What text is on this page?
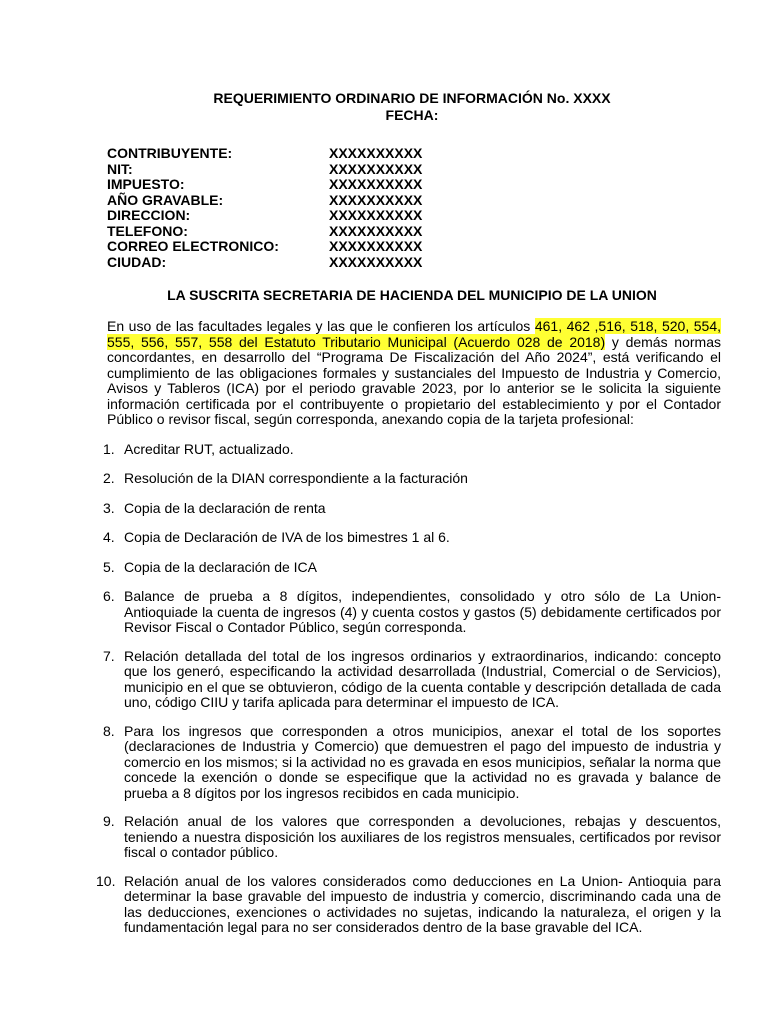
REQUERIMIENTO ORDINARIO DE INFORMACIÓN No. XXXX
FECHA:
CONTRIBUYENTE:	XXXXXXXXXX
NIT:	XXXXXXXXXX
IMPUESTO:	XXXXXXXXXX
AÑO GRAVABLE:	XXXXXXXXXX
DIRECCION:	XXXXXXXXXX
TELEFONO:	XXXXXXXXXX
CORREO ELECTRONICO:	XXXXXXXXXX
CIUDAD:	XXXXXXXXXX
LA SUSCRITA SECRETARIA DE HACIENDA DEL MUNICIPIO DE LA UNION

En uso de las facultades legales y las que le confieren los artículos 461, 462 ,516, 518, 520, 554, 555, 556, 557, 558 del Estatuto Tributario Municipal (Acuerdo 028 de 2018) y demás normas concordantes, en desarrollo del “Programa De Fiscalización del Año 2024”, está verificando el cumplimiento de las obligaciones formales y sustanciales del Impuesto de Industria y Comercio, Avisos y Tableros (ICA) por el periodo gravable 2023, por lo anterior se le solicita la siguiente información certificada por el contribuyente o propietario del establecimiento y por el Contador Público o revisor fiscal, según corresponda, anexando copia de la tarjeta profesional:

1. Acreditar RUT, actualizado.
2. Resolución de la DIAN correspondiente a la facturación
3. Copia de la declaración de renta
4. Copia de Declaración de IVA de los bimestres 1 al 6.
5. Copia de la declaración de ICA
6. Balance de prueba a 8 dígitos, independientes, consolidado y otro sólo de La Union- Antioquiade la cuenta de ingresos (4) y cuenta costos y gastos (5) debidamente certificados por Revisor Fiscal o Contador Público, según corresponda.
7. Relación detallada del total de los ingresos ordinarios y extraordinarios, indicando: concepto que los generó, especificando la actividad desarrollada (Industrial, Comercial o de Servicios), municipio en el que se obtuvieron, código de la cuenta contable y descripción detallada de cada uno, código CIIU y tarifa aplicada para determinar el impuesto de ICA.
8. Para los ingresos que corresponden a otros municipios, anexar el total de los soportes (declaraciones de Industria y Comercio) que demuestren el pago del impuesto de industria y comercio en los mismos; si la actividad no es gravada en esos municipios, señalar la norma que concede la exención o donde se especifique que la actividad no es gravada y balance de prueba a 8 dígitos por los ingresos recibidos en cada municipio.
9. Relación anual de los valores que corresponden a devoluciones, rebajas y descuentos, teniendo a nuestra disposición los auxiliares de los registros mensuales, certificados por revisor fiscal o contador público.
10. Relación anual de los valores considerados como deducciones en La Union- Antioquia para determinar la base gravable del impuesto de industria y comercio, discriminando cada una de las deducciones, exenciones o actividades no sujetas, indicando la naturaleza, el origen y la fundamentación legal para no ser considerados dentro de la base gravable del ICA.
